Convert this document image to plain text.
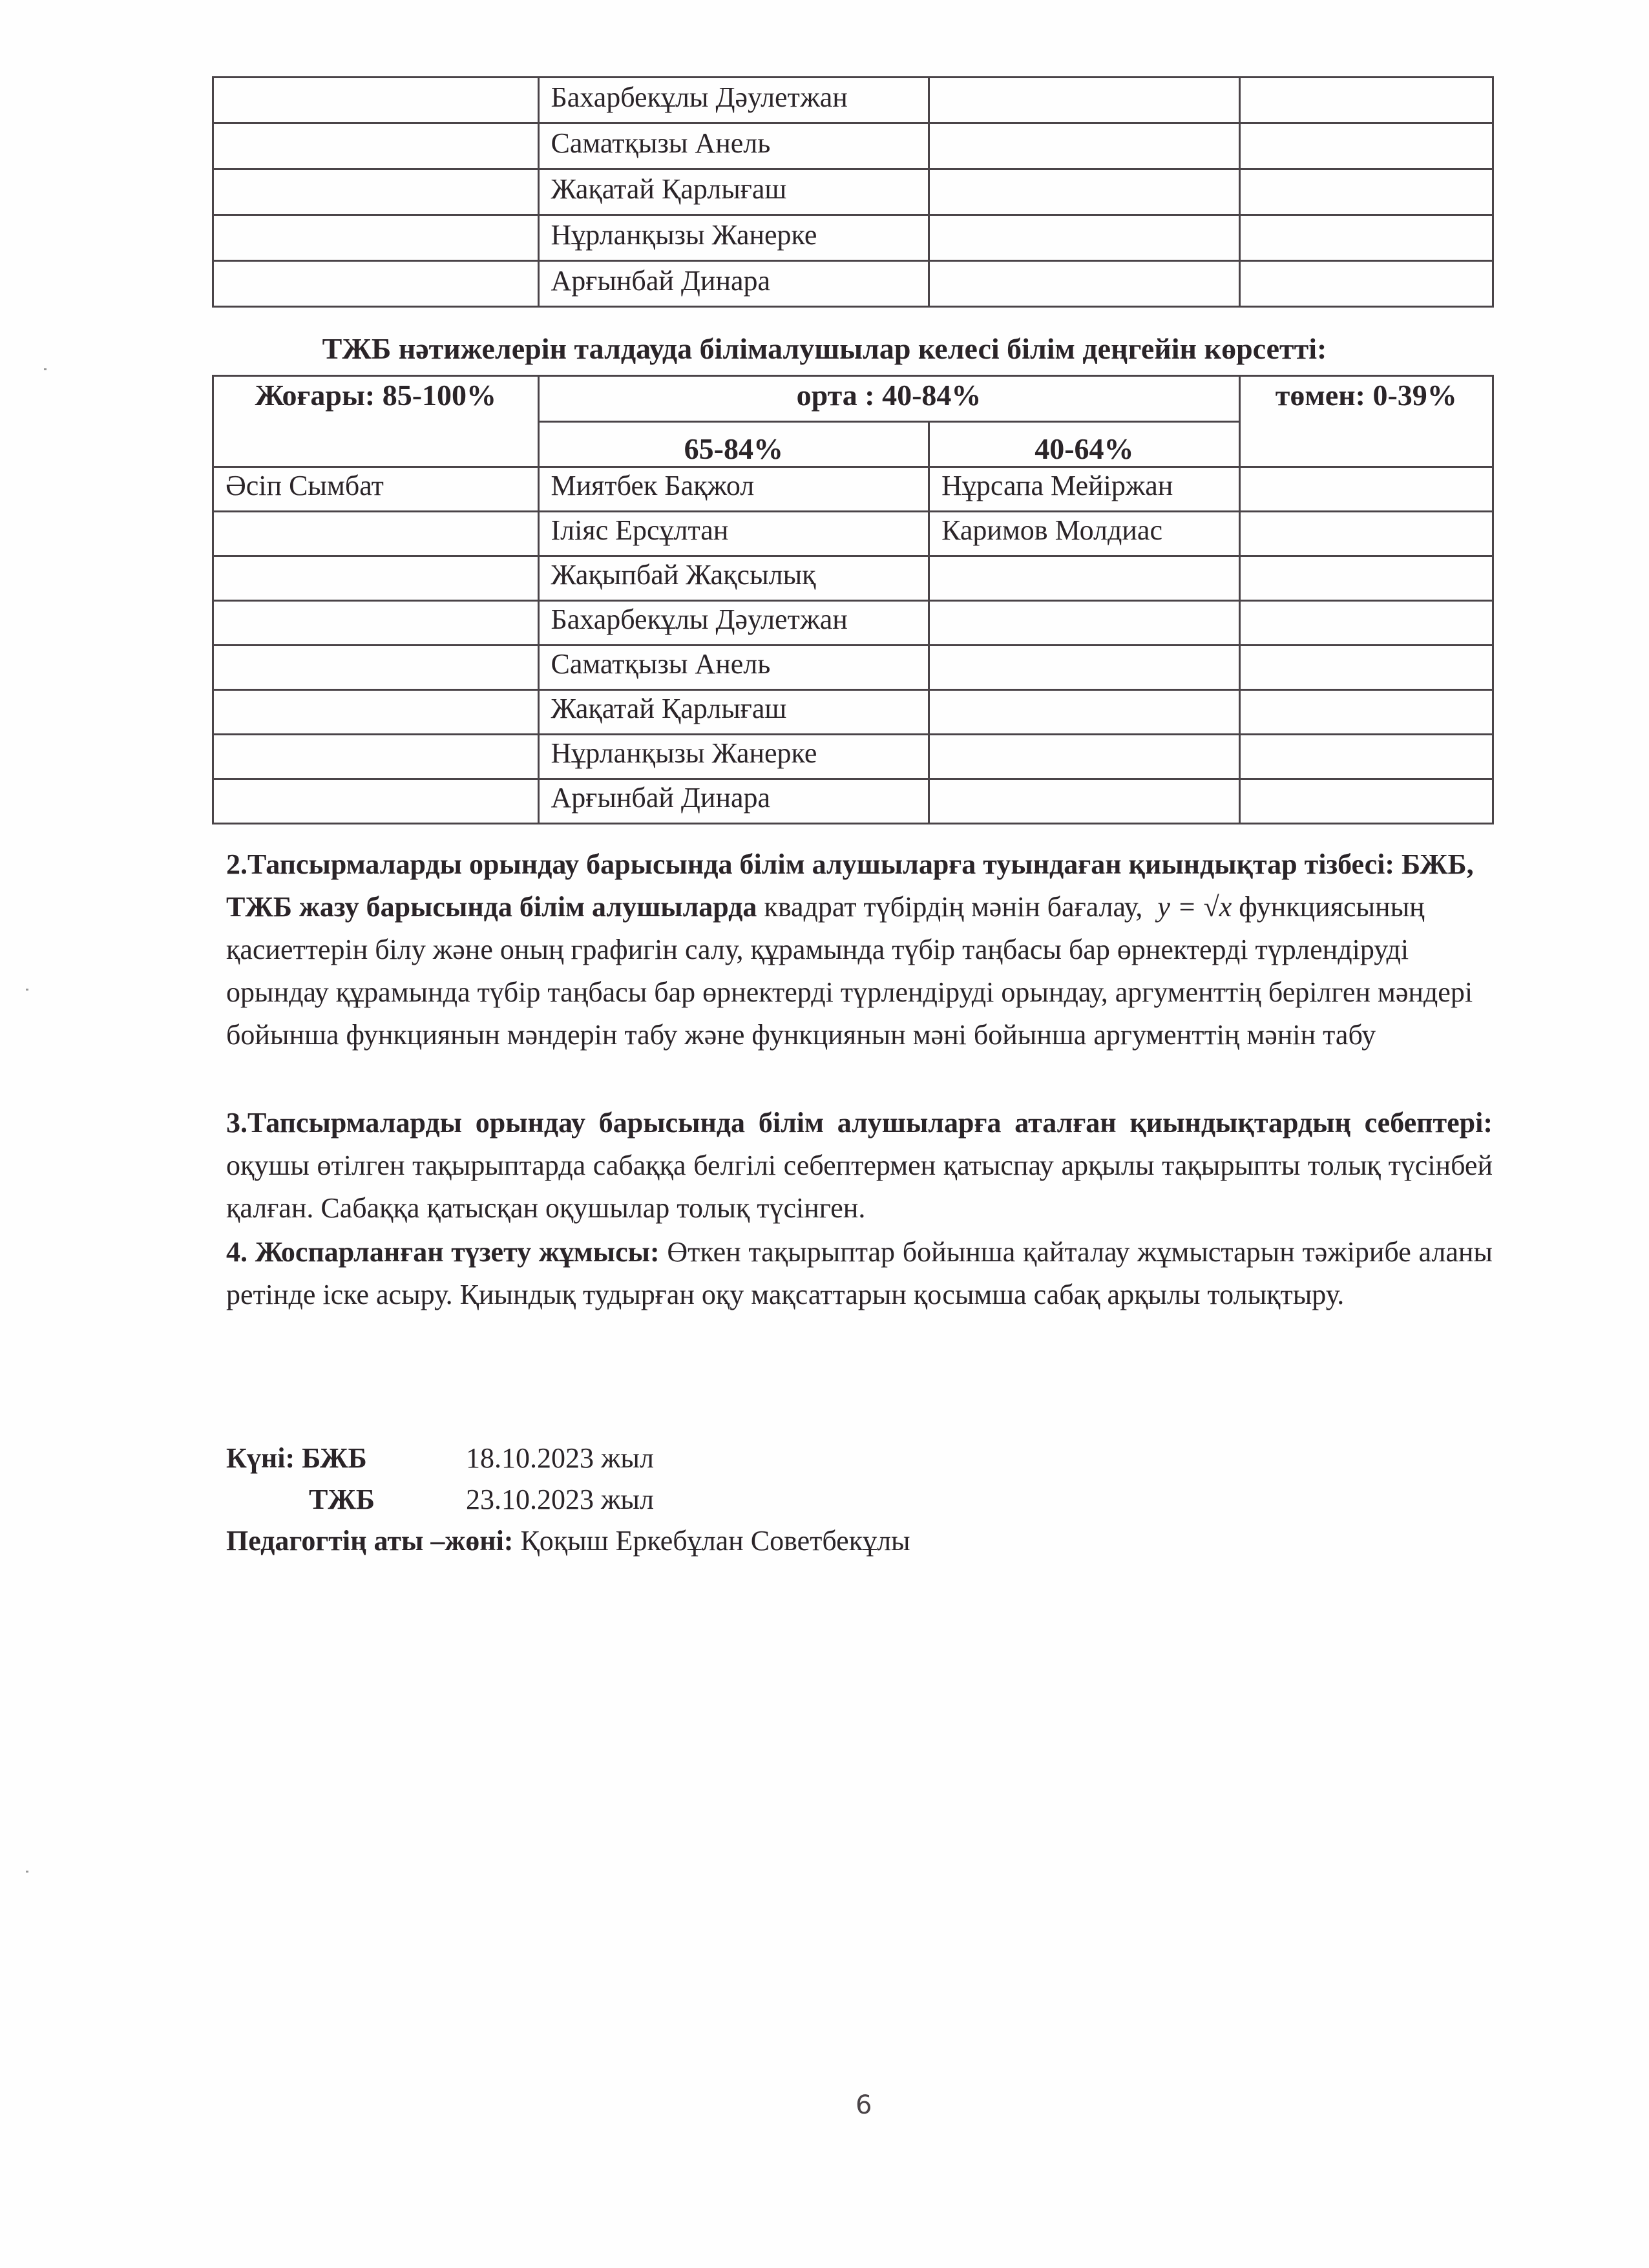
	Бахарбекұлы Дәулетжан		
	Саматқызы Анель		
	Жақатай Қарлығаш		
	Нұрланқызы Жанерке		
	Арғынбай Динара		
ТЖБ нәтижелерін талдауда білімалушылар келесі білім деңгейін көрсетті:
Жоғары: 85-100%	орта : 40-84%		төмен: 0-39%
	65-84%	40-64%	
Әсіп Сымбат	Миятбек Бақжол	Нұрсапа Мейіржан	
	Іліяс Ерсұлтан	Каримов Молдиас	
	Жақыпбай Жақсылық		
	Бахарбекұлы Дәулетжан		
	Саматқызы Анель		
	Жақатай Қарлығаш		
	Нұрланқызы Жанерке		
	Арғынбай Динара		
2.Тапсырмаларды орындау барысында білім алушыларға туындаған қиындықтар тізбесі: БЖБ, ТЖБ жазу барысында білім алушыларда квадрат түбірдің мәнін бағалау, y = √x функциясының қасиеттерін білу және оның графигін салу, құрамында түбір таңбасы бар өрнектерді түрлендіруді орындау құрамында түбір таңбасы бар өрнектерді түрлендіруді орындау, аргументтің берілген мәндері бойынша функциянын мәндерін табу және функциянын мәні бойынша аргументтің мәнін табу
3.Тапсырмаларды орындау барысында білім алушыларға аталған қиындықтардың себептері: оқушы өтілген тақырыптарда сабаққа белгілі себептермен қатыспау арқылы тақырыпты толық түсінбей қалған. Сабаққа қатысқан оқушылар толық түсінген.
4. Жоспарланған түзету жұмысы: Өткен тақырыптар бойынша қайталау жұмыстарын тәжірибе аланы ретінде іске асыру. Қиындық тудырған оқу мақсаттарын қосымша сабақ арқылы толықтыру.
Күні: БЖБ	18.10.2023 жыл
ТЖБ	23.10.2023 жыл
Педагогтің аты –жөні: Қоқыш Еркебұлан Советбекұлы
6
